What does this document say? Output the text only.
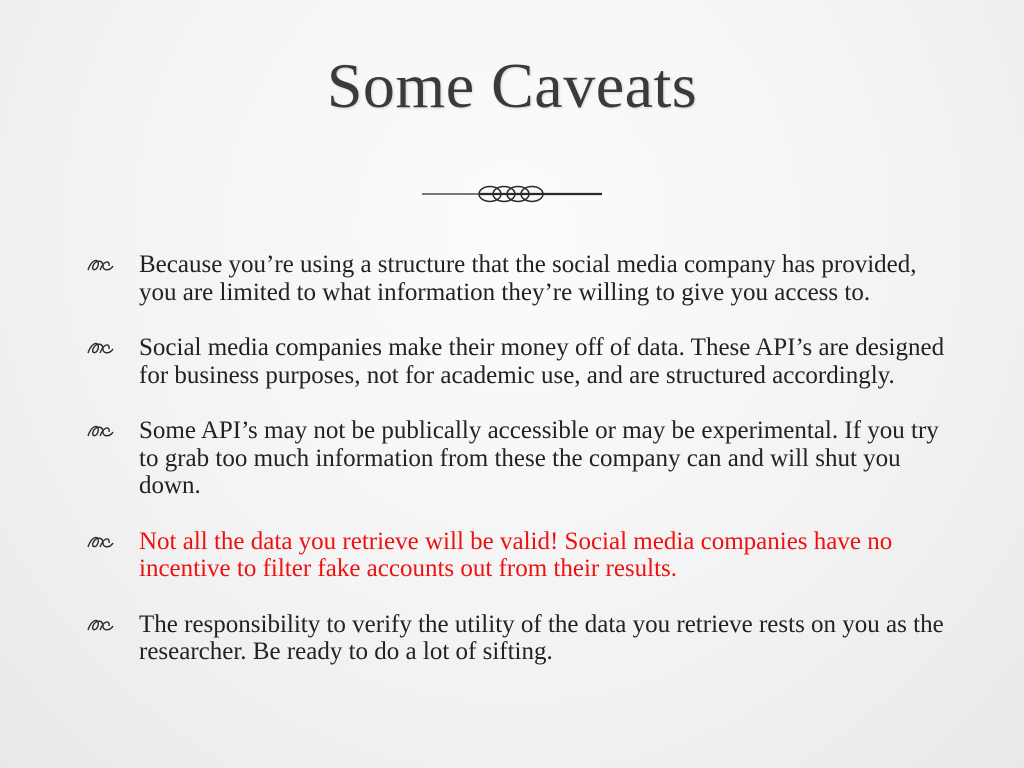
Some Caveats
Because you’re using a structure that the social media company has provided, you are limited to what information they’re willing to give you access to.
Social media companies make their money off of data. These API’s are designed for business purposes, not for academic use, and are structured accordingly.
Some API’s may not be publically accessible or may be experimental. If you try to grab too much information from these the company can and will shut you down.
Not all the data you retrieve will be valid! Social media companies have no incentive to filter fake accounts out from their results.
The responsibility to verify the utility of the data you retrieve rests on you as the researcher. Be ready to do a lot of sifting.
